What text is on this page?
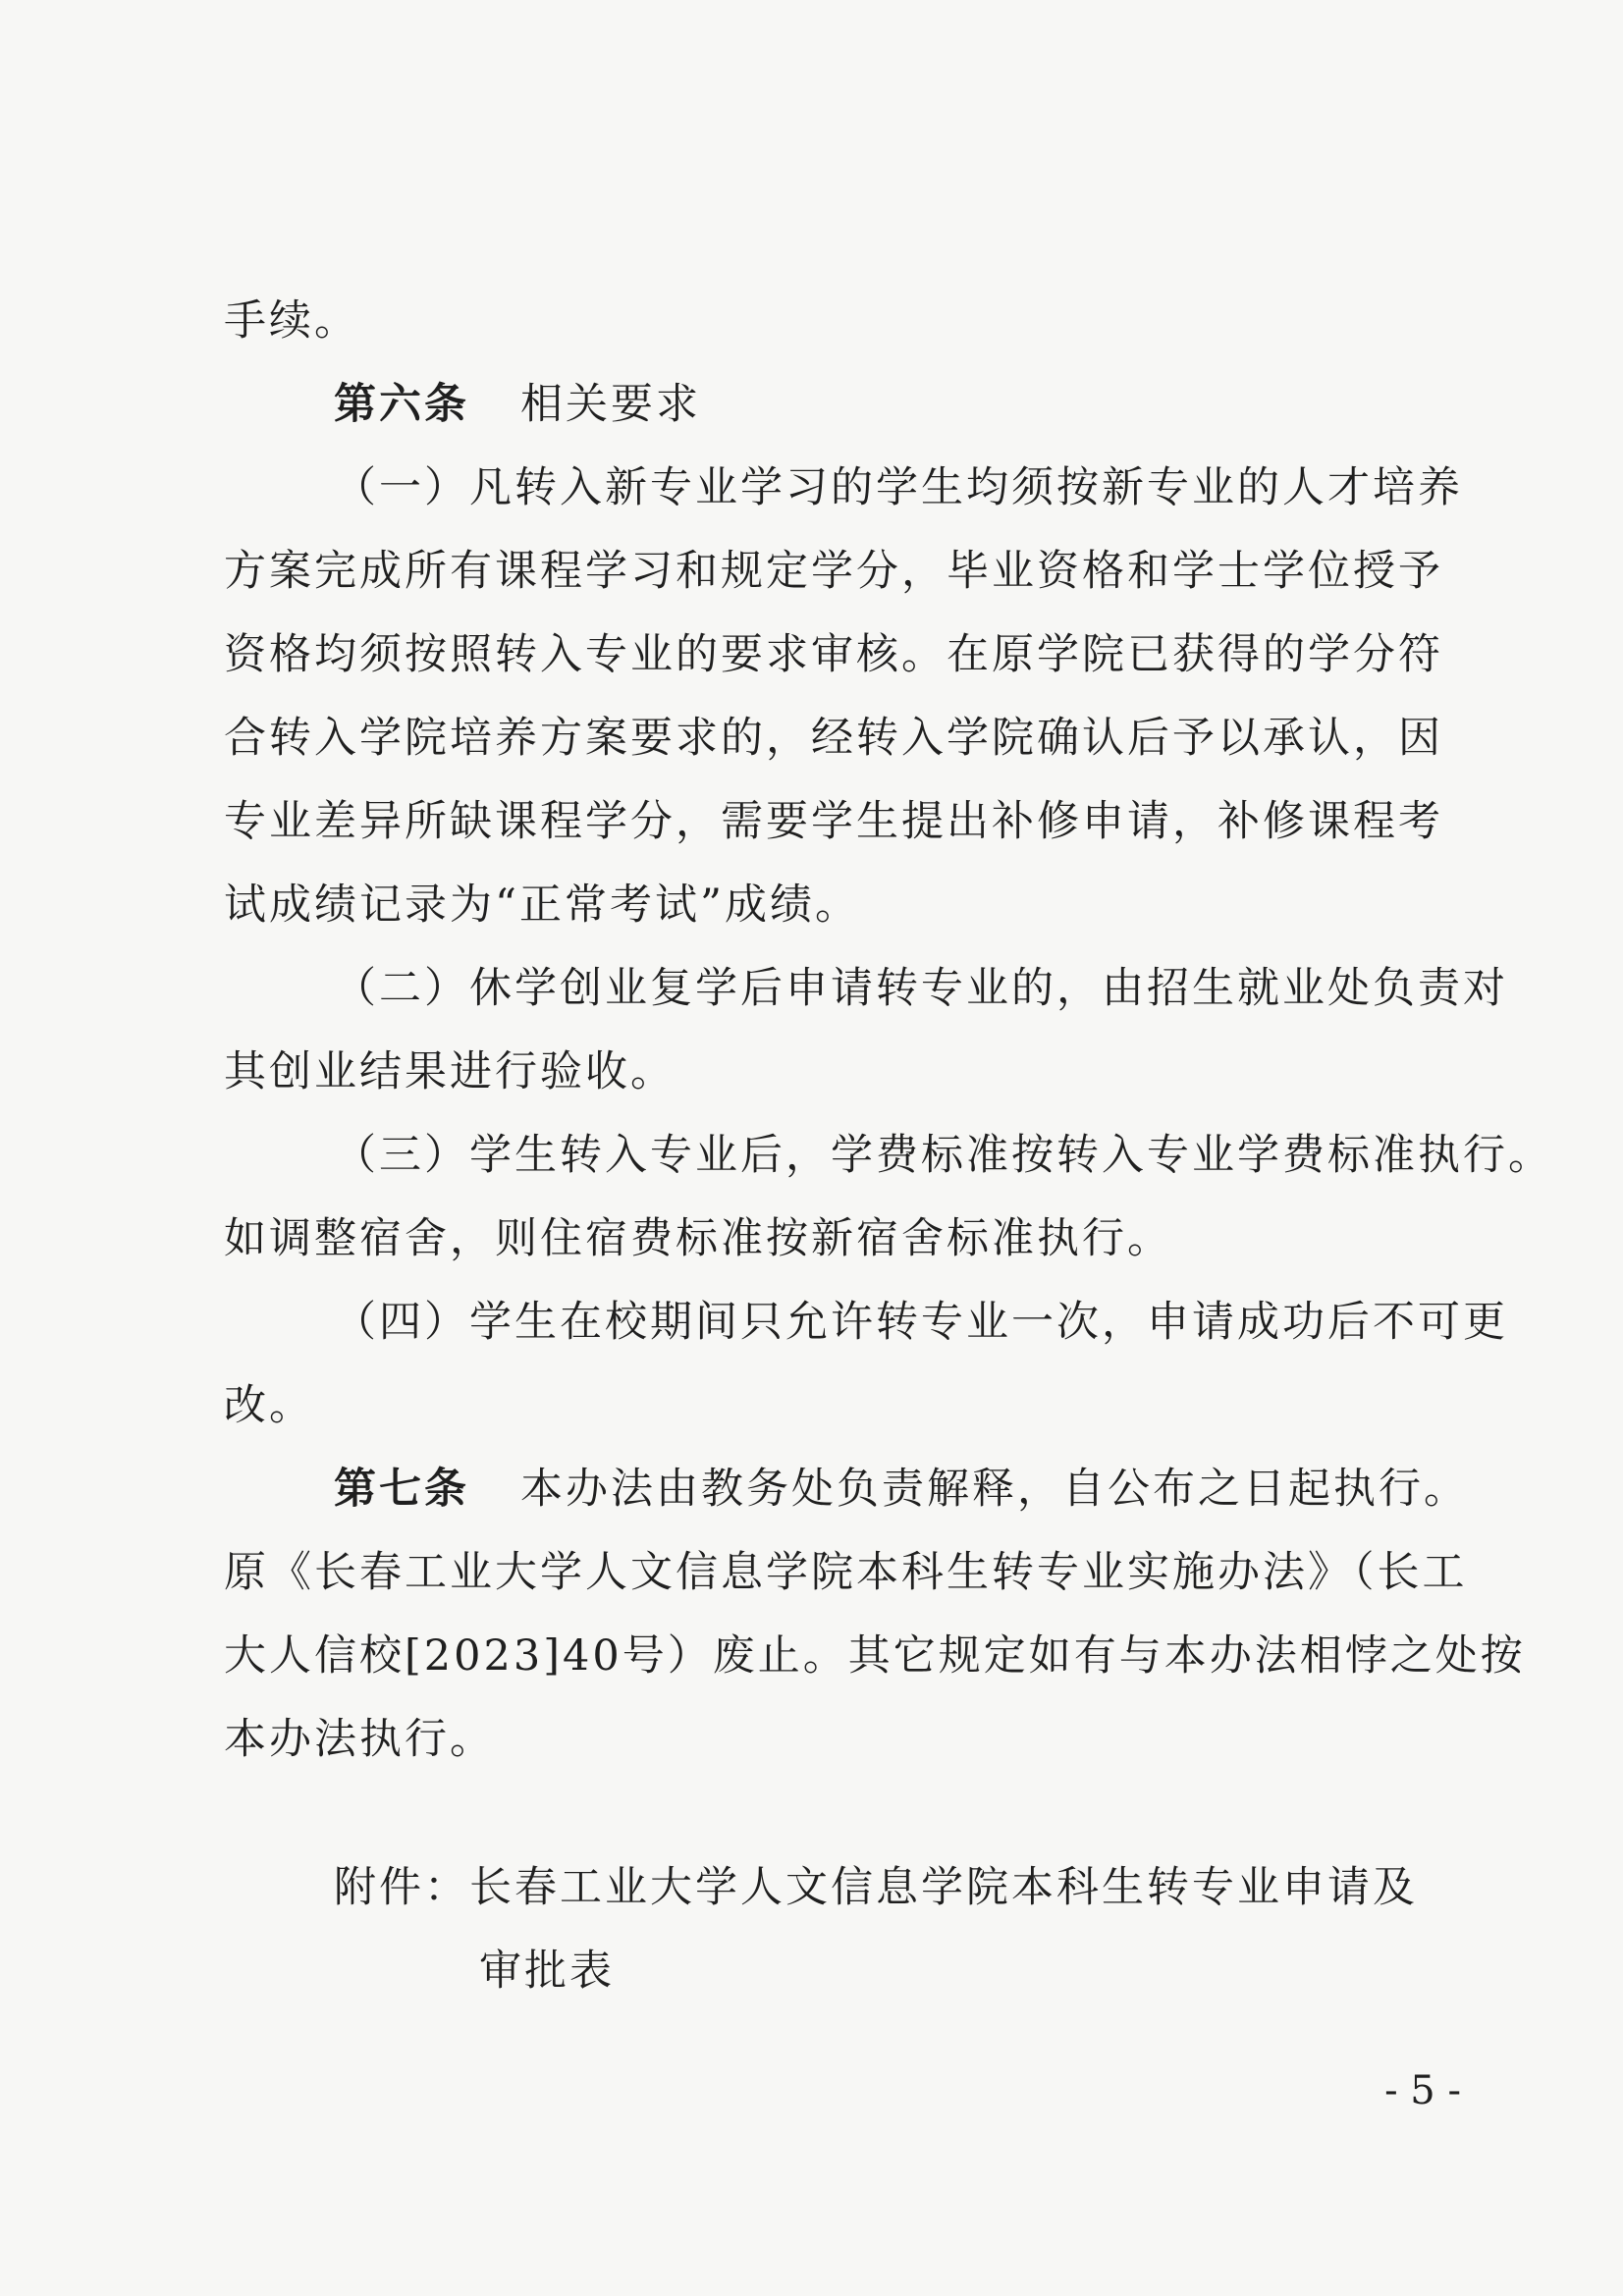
手续。
第六条 相关要求
（一）凡转入新专业学习的学生均须按新专业的人才培养
方案完成所有课程学习和规定学分，毕业资格和学士学位授予
资格均须按照转入专业的要求审核。在原学院已获得的学分符
合转入学院培养方案要求的，经转入学院确认后予以承认，因
专业差异所缺课程学分，需要学生提出补修申请，补修课程考
试成绩记录为“正常考试”成绩。
（二）休学创业复学后申请转专业的，由招生就业处负责对
其创业结果进行验收。
（三）学生转入专业后，学费标准按转入专业学费标准执行。
如调整宿舍，则住宿费标准按新宿舍标准执行。
（四）学生在校期间只允许转专业一次，申请成功后不可更
改。
第七条 本办法由教务处负责解释，自公布之日起执行。
原《长春工业大学人文信息学院本科生转专业实施办法》（长工
大人信校[2023]40号）废止。其它规定如有与本办法相悖之处按
本办法执行。
附件：长春工业大学人文信息学院本科生转专业申请及
审批表
- 5 -
